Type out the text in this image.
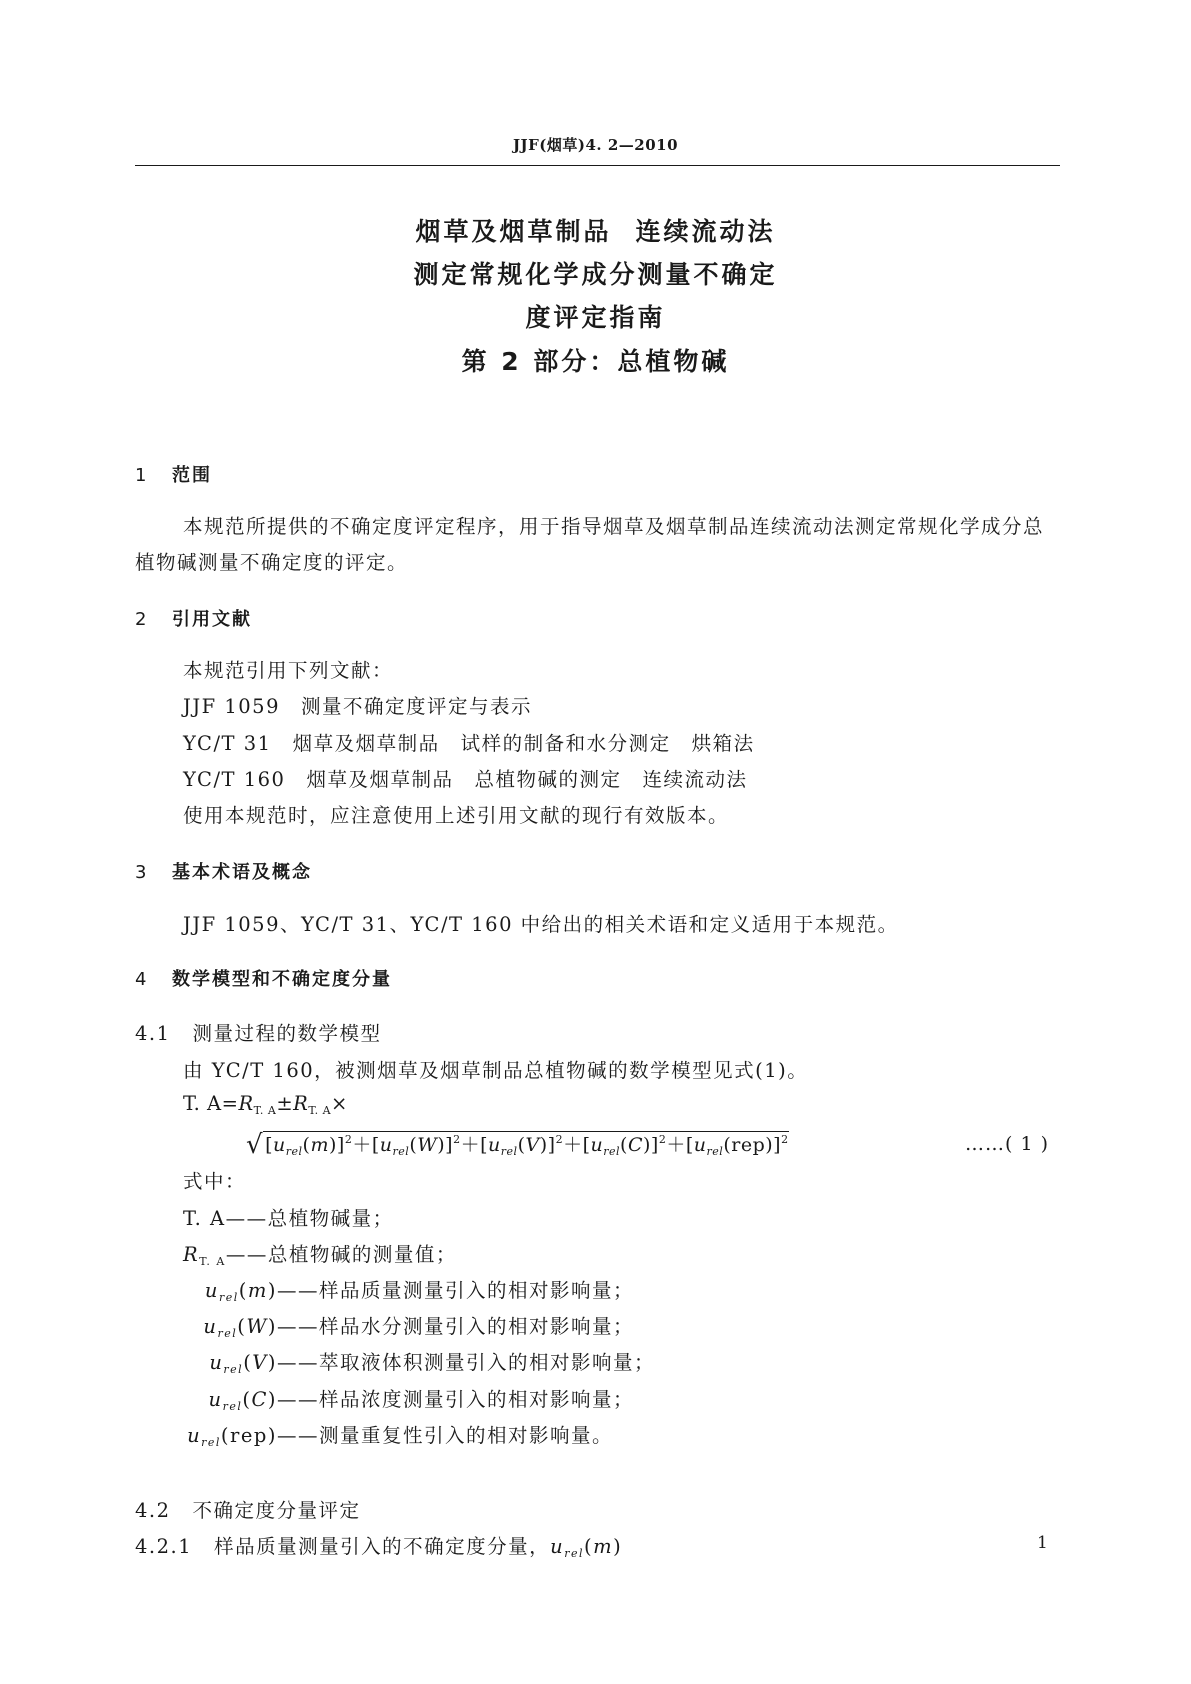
JJF(烟草)4. 2—2010
烟草及烟草制品 连续流动法
测定常规化学成分测量不确定
度评定指南
第 2 部分：总植物碱
1 范围
本规范所提供的不确定度评定程序，用于指导烟草及烟草制品连续流动法测定常规化学成分总植物碱测量不确定度的评定。
2 引用文献
本规范引用下列文献：
JJF 1059　 测量不确定度评定与表示
YC/T 31　 烟草及烟草制品　试样的制备和水分测定　烘箱法
YC/T 160　 烟草及烟草制品　总植物碱的测定　连续流动法
使用本规范时，应注意使用上述引用文献的现行有效版本。
3 基本术语及概念
JJF 1059、YC/T 31、YC/T 160 中给出的相关术语和定义适用于本规范。
4 数学模型和不确定度分量
4.1 测量过程的数学模型
由 YC/T 160，被测烟草及烟草制品总植物碱的数学模型见式(1)。
T. $A=R_{T. A}\pm R_{T. A}\times$
√ $[u_{rel}(m)]^2+[u_{rel}(W)]^2+[u_{rel}(V)]^2+[u_{rel}(C)]^2+[u_{rel}(rep)]^2$	……( 1 )
式中：
T. A——总植物碱量；
$R_{T. A}——$总植物碱的测量值；
$u_{rel}(m)——$样品质量测量引入的相对影响量；
$u_{rel}(W)——$样品水分测量引入的相对影响量；
$u_{rel}(V)——$萃取液体积测量引入的相对影响量；
$u_{rel}(C)——$样品浓度测量引入的相对影响量；
$u_{rel}(rep)——$测量重复性引入的相对影响量。
4.2 不确定度分量评定
4.2.1 样品质量测量引入的不确定度分量，$u_{rel}(m)$	1
